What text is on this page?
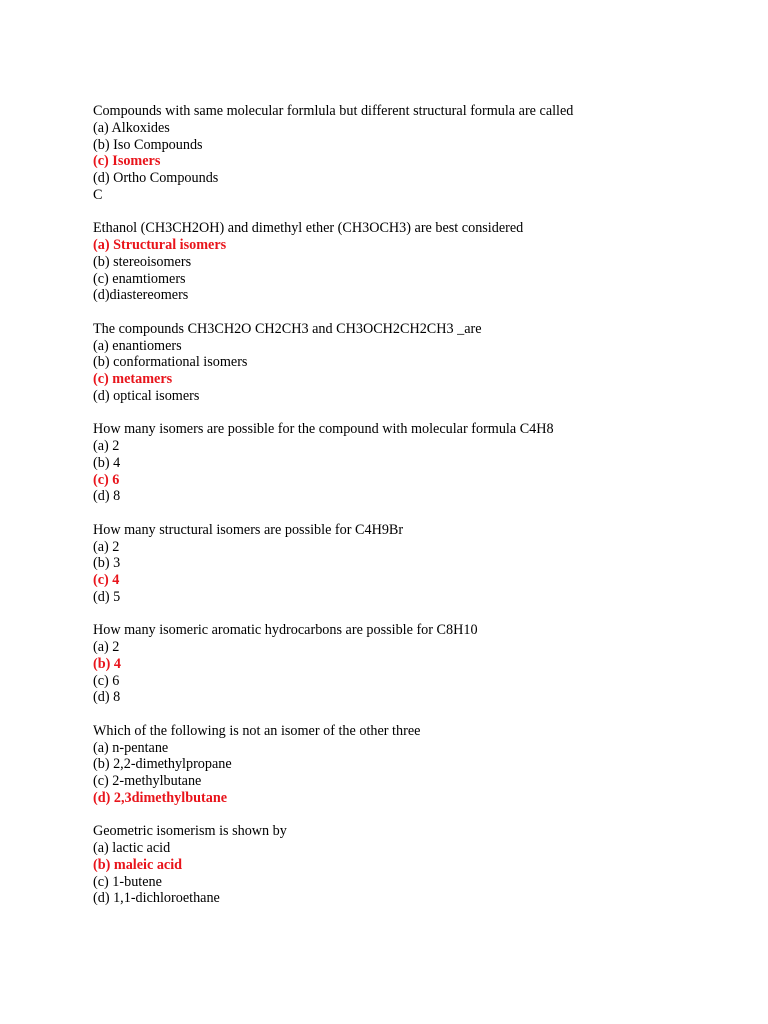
Compounds with same molecular formlula but different structural formula are called
(a) Alkoxides
(b) Iso Compounds
(c) Isomers
(d) Ortho Compounds
C
Ethanol (CH3CH2OH) and dimethyl ether (CH3OCH3) are best considered
(a) Structural isomers
(b) stereoisomers
(c) enamtiomers
(d)diastereomers
The compounds CH3CH2O CH2CH3 and CH3OCH2CH2CH3 _are
(a) enantiomers
(b) conformational isomers
(c) metamers
(d) optical isomers
How many isomers are possible for the compound with molecular formula C4H8
(a) 2
(b) 4
(c) 6
(d) 8
How many structural isomers are possible for C4H9Br
(a) 2
(b) 3
(c) 4
(d) 5
How many isomeric aromatic hydrocarbons are possible for C8H10
(a) 2
(b) 4
(c) 6
(d) 8
Which of the following is not an isomer of the other three
(a) n-pentane
(b) 2,2-dimethylpropane
(c) 2-methylbutane
(d) 2,3dimethylbutane
Geometric isomerism is shown by
(a) lactic acid
(b) maleic acid
(c) 1-butene
(d) 1,1-dichloroethane
